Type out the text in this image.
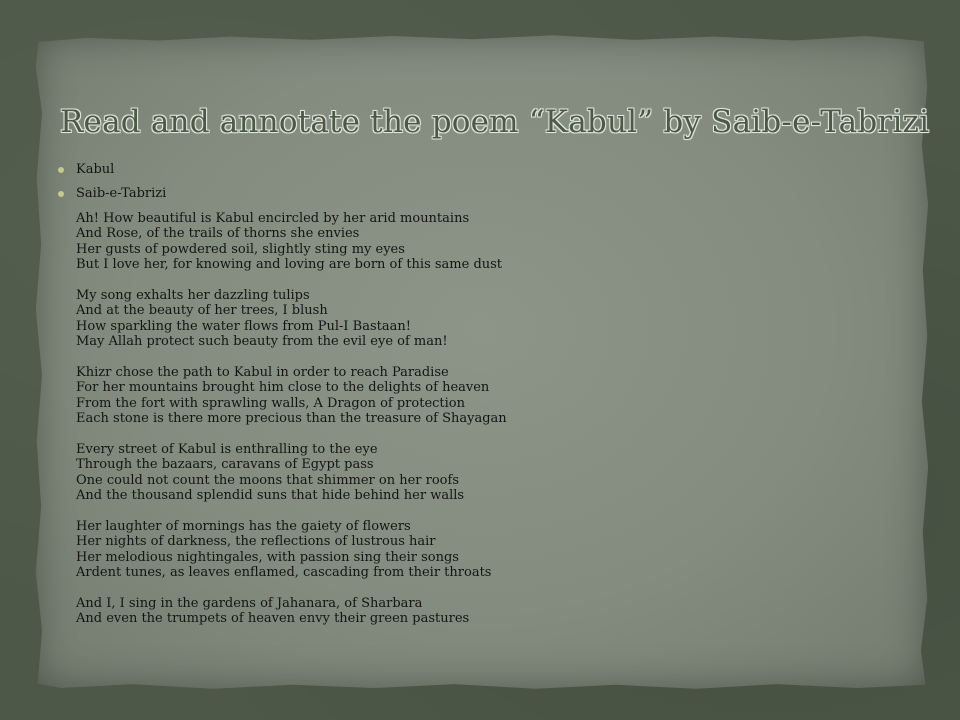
Read and annotate the poem “Kabul” by Saib-e-Tabrizi
Kabul
Saib-e-Tabrizi
Ah! How beautiful is Kabul encircled by her arid mountains
And Rose, of the trails of thorns she envies
Her gusts of powdered soil, slightly sting my eyes
But I love her, for knowing and loving are born of this same dust
My song exhalts her dazzling tulips
And at the beauty of her trees, I blush
How sparkling the water flows from Pul-I Bastaan!
May Allah protect such beauty from the evil eye of man!
Khizr chose the path to Kabul in order to reach Paradise
For her mountains brought him close to the delights of heaven
From the fort with sprawling walls, A Dragon of protection
Each stone is there more precious than the treasure of Shayagan
Every street of Kabul is enthralling to the eye
Through the bazaars, caravans of Egypt pass
One could not count the moons that shimmer on her roofs
And the thousand splendid suns that hide behind her walls
Her laughter of mornings has the gaiety of flowers
Her nights of darkness, the reflections of lustrous hair
Her melodious nightingales, with passion sing their songs
Ardent tunes, as leaves enflamed, cascading from their throats
And I, I sing in the gardens of Jahanara, of Sharbara
And even the trumpets of heaven envy their green pastures
